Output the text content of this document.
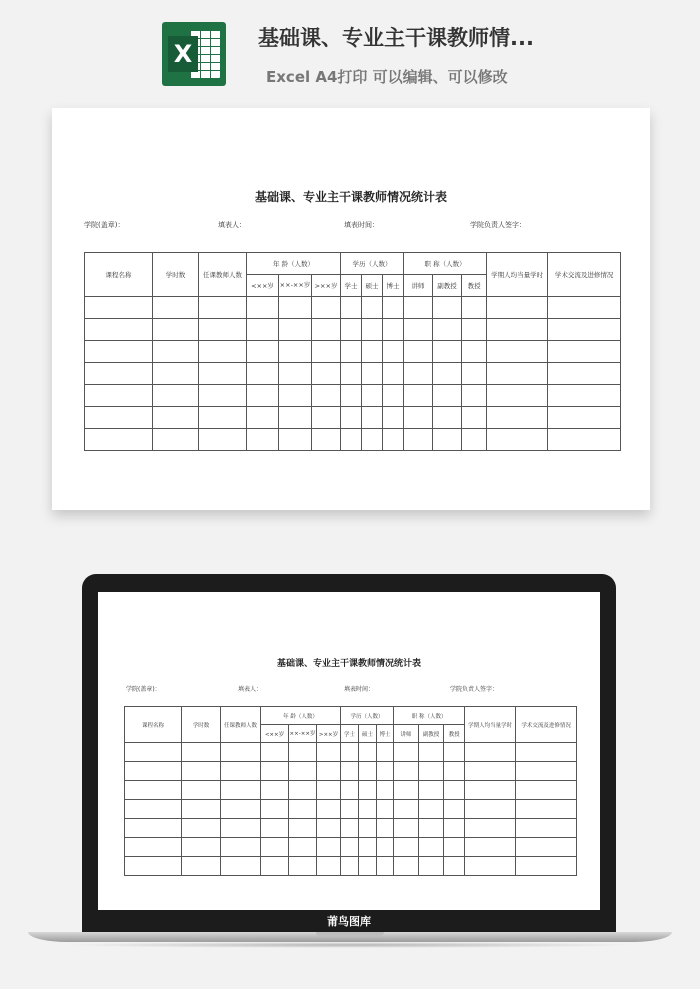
X
基础课、专业主干课教师情...
Excel A4打印 可以编辑、可以修改
基础课、专业主干课教师情况统计表
学院(盖章)：	填表人：	填表时间：	学院负责人签字：
课程名称	学时数	任课教师人数	年 龄（人数）			学历（人数）			职 称（人数）			学期人均当量学时	学术交流及进修情况
			<××岁	××-××岁	>××岁	学士	硕士	博士	讲师	副教授	教授		

基础课、专业主干课教师情况统计表
学院(盖章)：	填表人：	填表时间：	学院负责人签字：
课程名称	学时数	任课教师人数	年 龄（人数）			学历（人数）			职 称（人数）			学期人均当量学时	学术交流及进修情况
			<××岁	××-××岁	>××岁	学士	硕士	博士	讲师	副教授	教授		

莆鸟图库
